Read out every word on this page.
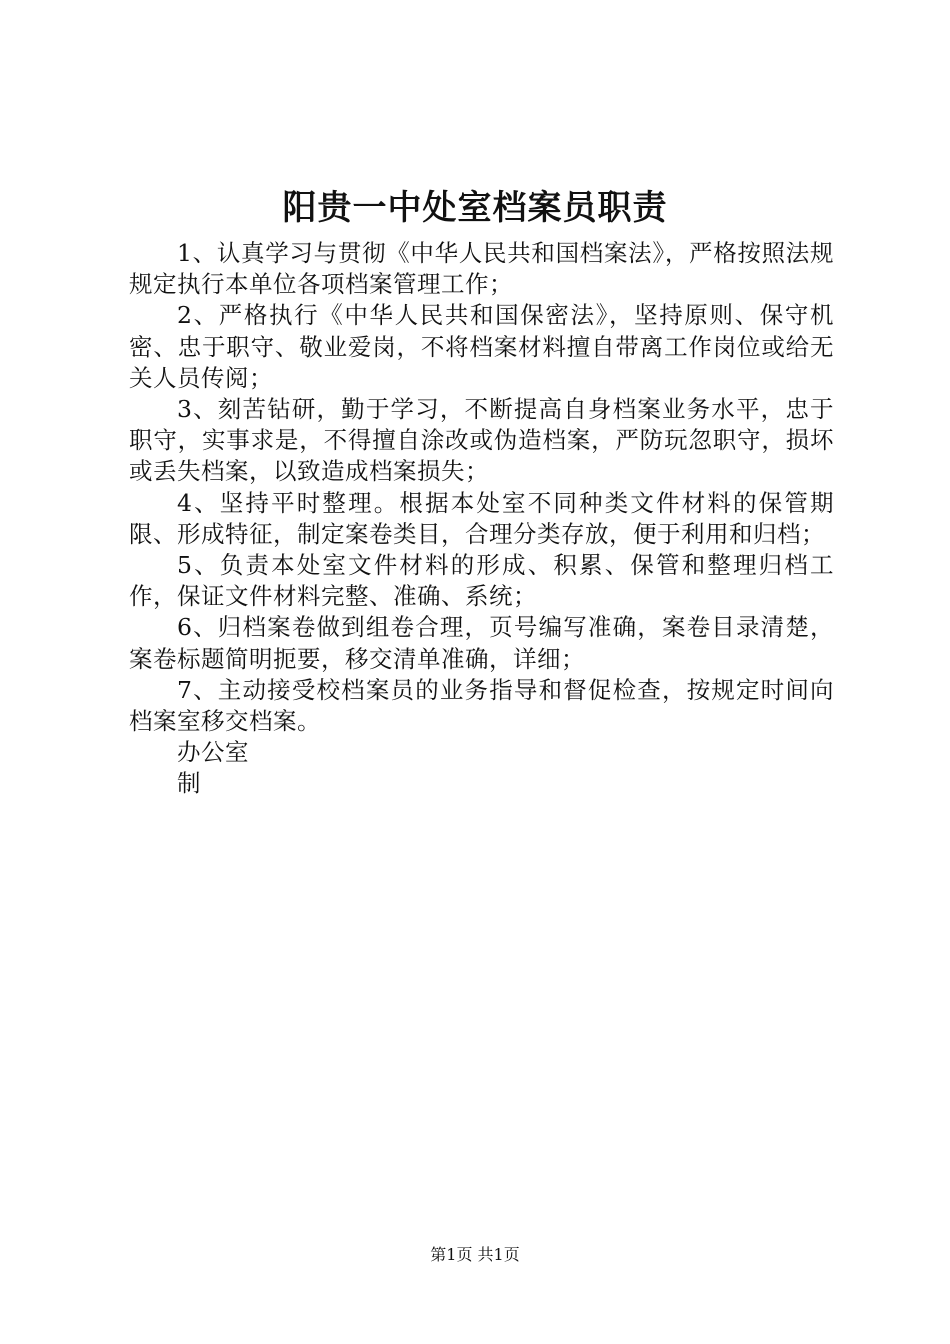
阳贵一中处室档案员职责

1、认真学习与贯彻《中华人民共和国档案法》，严格按照法规规定执行本单位各项档案管理工作；

2、严格执行《中华人民共和国保密法》，坚持原则、保守机密、忠于职守、敬业爱岗，不将档案材料擅自带离工作岗位或给无关人员传阅；

3、刻苦钻研，勤于学习，不断提高自身档案业务水平，忠于职守，实事求是，不得擅自涂改或伪造档案，严防玩忽职守，损坏或丢失档案，以致造成档案损失；

4、坚持平时整理。根据本处室不同种类文件材料的保管期限、形成特征，制定案卷类目，合理分类存放，便于利用和归档；

5、负责本处室文件材料的形成、积累、保管和整理归档工作，保证文件材料完整、准确、系统；

6、归档案卷做到组卷合理，页号编写准确，案卷目录清楚，案卷标题简明扼要，移交清单准确，详细；

7、主动接受校档案员的业务指导和督促检查，按规定时间向档案室移交档案。

办公室

制

第1页 共1页
